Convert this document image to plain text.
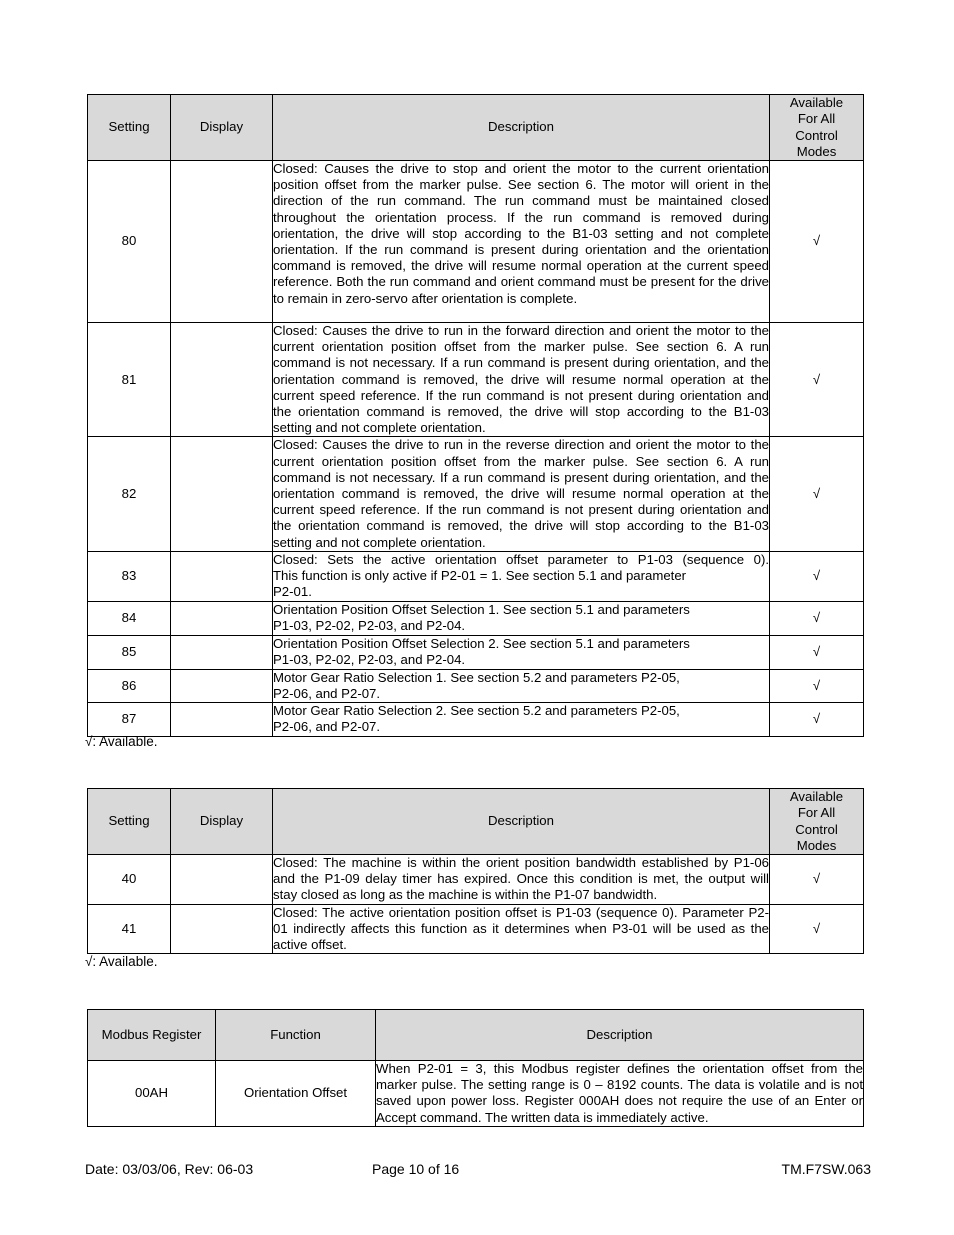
Setting	Display	Description	Available
For All
Control
Modes
80		Closed: Causes the drive to stop and orient the motor to the current orientation position offset from the marker pulse. See section 6. The motor will orient in the direction of the run command. The run command must be maintained closed throughout the orientation process. If the run command is removed during orientation, the drive will stop according to the B1-03 setting and not complete orientation. If the run command is present during orientation and the orientation command is removed, the drive will resume normal operation at the current speed reference. Both the run command and orient command must be present for the drive to remain in zero-servo after orientation is complete.	√
81		Closed: Causes the drive to run in the forward direction and orient the motor to the current orientation position offset from the marker pulse. See section 6. A run command is not necessary. If a run command is present during orientation, and the orientation command is removed, the drive will resume normal operation at the current speed reference. If the run command is not present during orientation and the orientation command is removed, the drive will stop according to the B1-03 setting and not complete orientation.	√
82		Closed: Causes the drive to run in the reverse direction and orient the motor to the current orientation position offset from the marker pulse. See section 6. A run command is not necessary. If a run command is present during orientation, and the orientation command is removed, the drive will resume normal operation at the current speed reference. If the run command is not present during orientation and the orientation command is removed, the drive will stop according to the B1-03 setting and not complete orientation.	√
83		Closed: Sets the active orientation offset parameter to P1-03 (sequence 0).
This function is only active if P2-01 = 1. See section 5.1 and parameter
P2-01.	√
84		Orientation Position Offset Selection 1. See section 5.1 and parameters
P1-03, P2-02, P2-03, and P2-04.	√
85		Orientation Position Offset Selection 2. See section 5.1 and parameters
P1-03, P2-02, P2-03, and P2-04.	√
86		Motor Gear Ratio Selection 1. See section 5.2 and parameters P2-05,
P2-06, and P2-07.	√
87		Motor Gear Ratio Selection 2. See section 5.2 and parameters P2-05,
P2-06, and P2-07.	√
√: Available.
Setting	Display	Description	Available
For All
Control
Modes
40		Closed: The machine is within the orient position bandwidth established by P1-06 and the P1-09 delay timer has expired. Once this condition is met, the output will stay closed as long as the machine is within the P1-07 bandwidth.	√
41		Closed: The active orientation position offset is P1-03 (sequence 0). Parameter P2-01 indirectly affects this function as it determines when P3-01 will be used as the active offset.	√
√: Available.
Modbus Register	Function	Description
00AH	Orientation Offset	When P2-01 = 3, this Modbus register defines the orientation offset from the marker pulse. The setting range is 0 – 8192 counts. The data is volatile and is not saved upon power loss. Register 000AH does not require the use of an Enter or Accept command. The written data is immediately active.
Date: 03/03/06, Rev: 06-03	Page 10 of 16	TM.F7SW.063
